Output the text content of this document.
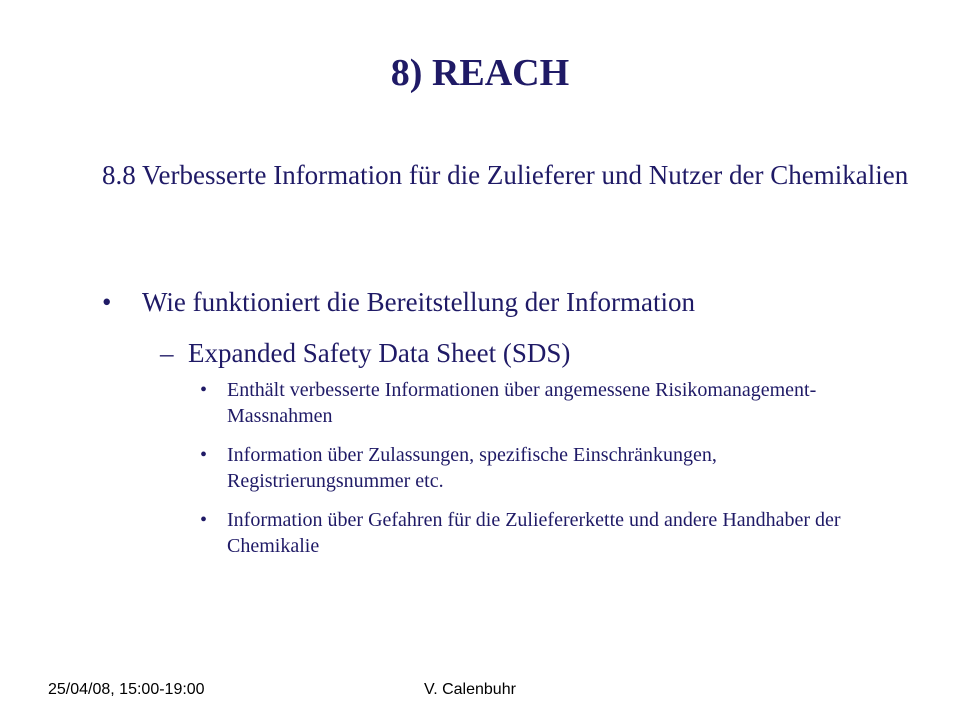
8) REACH
8.8 Verbesserte Information für die Zulieferer und Nutzer der Chemikalien
•	Wie funktioniert die Bereitstellung der Information
– Expanded Safety Data Sheet (SDS)
• Enthält verbesserte Informationen über angemessene Risikomanagement-Massnahmen
• Information über Zulassungen, spezifische Einschränkungen, Registrierungsnummer etc.
• Information über Gefahren für die Zuliefererkette und andere Handhaber der Chemikalie
25/04/08, 15:00-19:00	V. Calenbuhr
